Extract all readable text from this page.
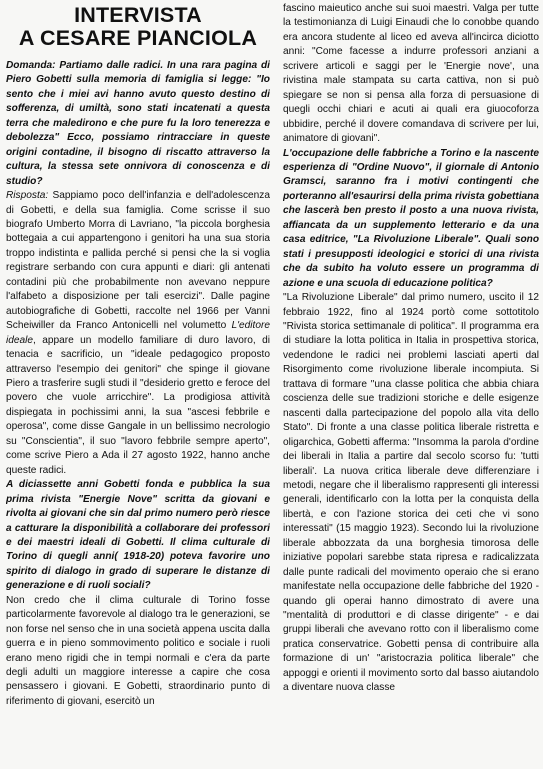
INTERVISTA
A CESARE PIANCIOLA

Domanda: Partiamo dalle radici. In una rara pagina di Piero Gobetti sulla memoria di famiglia si legge: "Io sento che i miei avi hanno avuto questo destino di sofferenza, di umiltà, sono stati incatenati a questa terra che maledirono e che pure fu la loro tenerezza e debolezza" Ecco, possiamo rintracciare in queste origini contadine, il bisogno di riscatto attraverso la cultura, la stessa sete onnivora di conoscenza e di studio?

Risposta: Sappiamo poco dell'infanzia e dell'adolescenza di Gobetti, e della sua famiglia. Come scrisse il suo biografo Umberto Morra di Lavriano, "la piccola borghesia bottegaia a cui appartengono i genitori ha una sua storia troppo indistinta e pallida perché si pensi che la si voglia registrare serbando con cura appunti e diari: gli antenati contadini più che probabilmente non avevano neppure l'alfabeto a disposizione per tali esercizi". Dalle pagine autobiografiche di Gobetti, raccolte nel 1966 per Vanni Scheiwiller da Franco Antonicelli nel volumetto L'editore ideale, appare un modello familiare di duro lavoro, di tenacia e sacrificio, un "ideale pedagogico proposto attraverso l'esempio dei genitori" che spinge il giovane Piero a trasferire sugli studi il "desiderio gretto e feroce del povero che vuole arricchire". La prodigiosa attività dispiegata in pochissimi anni, la sua "ascesi febbrile e operosa", come disse Gangale in un bellissimo necrologio su "Conscientia", il suo "lavoro febbrile sempre aperto", come scrive Piero a Ada il 27 agosto 1922, hanno anche queste radici.

A diciassette anni Gobetti fonda e pubblica la sua prima rivista "Energie Nove" scritta da giovani e rivolta ai giovani che sin dal primo numero però riesce a catturare la disponibilità a collaborare dei professori e dei maestri ideali di Gobetti. Il clima culturale di Torino di quegli anni( 1918-20) poteva favorire uno spirito di dialogo in grado di superare le distanze di generazione e di ruoli sociali?

Non credo che il clima culturale di Torino fosse particolarmente favorevole al dialogo tra le generazioni, se non forse nel senso che in una società appena uscita dalla guerra e in pieno sommovimento politico e sociale i ruoli erano meno rigidi che in tempi normali e c'era da parte degli adulti un maggiore interesse a capire che cosa pensassero i giovani. E Gobetti, straordinario punto di riferimento di giovani, esercitò un

fascino maieutico anche sui suoi maestri. Valga per tutte la testimonianza di Luigi Einaudi che lo conobbe quando era ancora studente al liceo ed aveva all'incirca diciotto anni: "Come facesse a indurre professori anziani a scrivere articoli e saggi per le 'Energie nove', una rivistina male stampata su carta cattiva, non si può spiegare se non si pensa alla forza di persuasione di quegli occhi chiari e acuti ai quali era giuocoforza ubbidire, perché il dovere comandava di scrivere per lui, animatore di giovani".

L'occupazione delle fabbriche a Torino e la nascente esperienza di "Ordine Nuovo", il giornale di Antonio Gramsci, saranno fra i motivi contingenti che porteranno all'esaurirsi della prima rivista gobettiana che lascerà ben presto il posto a una nuova rivista, affiancata da un supplemento letterario e da una casa editrice, "La Rivoluzione Liberale". Quali sono stati i presupposti ideologici e storici di una rivista che da subito ha voluto essere un programma di azione e una scuola di educazione politica?

"La Rivoluzione Liberale" dal primo numero, uscito il 12 febbraio 1922, fino al 1924 portò come sottotitolo "Rivista storica settimanale di politica". Il programma era di studiare la lotta politica in Italia in prospettiva storica, vedendone le radici nei problemi lasciati aperti dal Risorgimento come rivoluzione liberale incompiuta. Si trattava di formare "una classe politica che abbia chiara coscienza delle sue tradizioni storiche e delle esigenze nascenti dalla partecipazione del popolo alla vita dello Stato". Di fronte a una classe politica liberale ristretta e oligarchica, Gobetti afferma: "Insomma la parola d'ordine dei liberali in Italia a partire dal secolo scorso fu: 'tutti liberali'. La nuova critica liberale deve differenziare i metodi, negare che il liberalismo rappresenti gli interessi generali, identificarlo con la lotta per la conquista della libertà, e con l'azione storica dei ceti che vi sono interessati" (15 maggio 1923). Secondo lui la rivoluzione liberale abbozzata da una borghesia timorosa delle iniziative popolari sarebbe stata ripresa e radicalizzata dalle punte radicali del movimento operaio che si erano manifestate nella occupazione delle fabbriche del 1920 - quando gli operai hanno dimostrato di avere una "mentalità di produttori e di classe dirigente" - e dai gruppi liberali che avevano rotto con il liberalismo come pratica conservatrice. Gobetti pensa di contribuire alla formazione di un' "aristocrazia politica liberale" che appoggi e orienti il movimento sorto dal basso aiutandolo a diventare nuova classe
